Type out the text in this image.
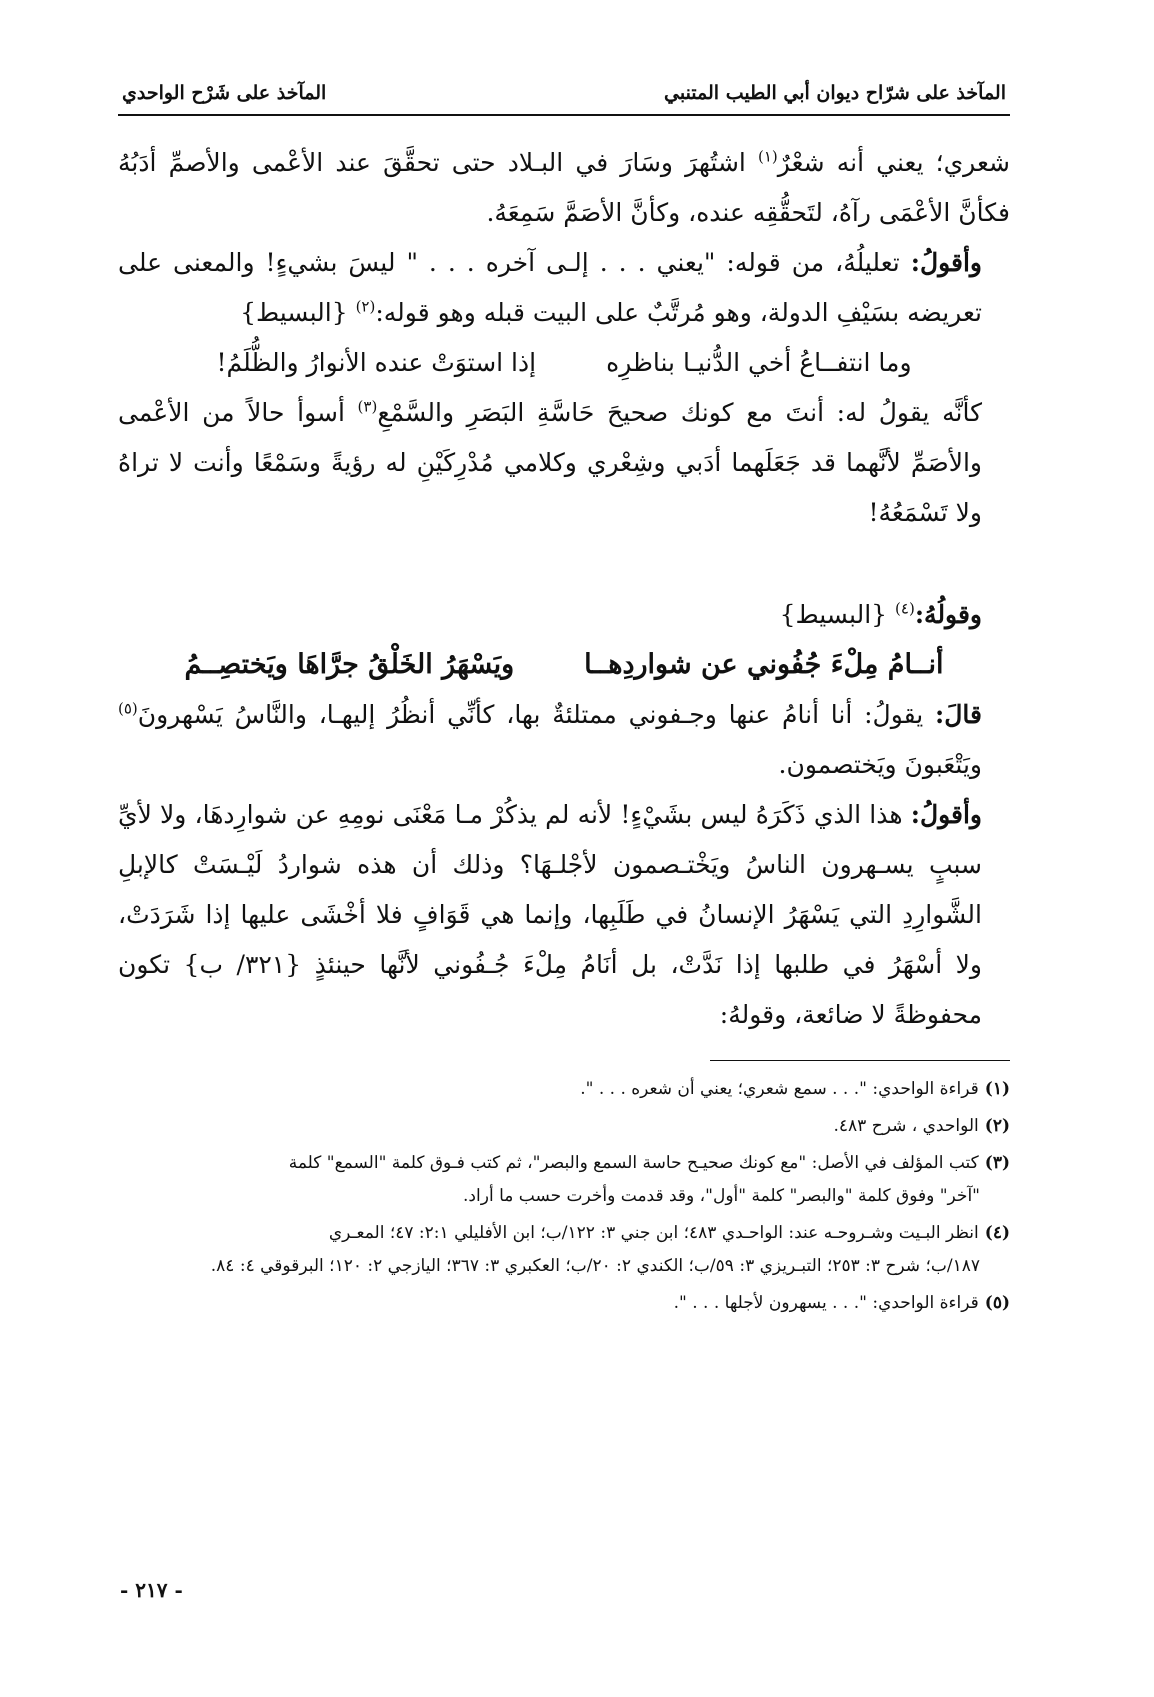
المآخذ على شرّاح ديوان أبي الطيب المتنبي
المآخذ على شَرْح الواحدي

شعري؛ يعني أنه شعْرٌ$^{(١)}$ اشتُهرَ وسَارَ في البـلاد حتى تحقَّقَ عند الأعْمى والأصمِّ أدَبُهُ فكأنَّ الأعْمَى رآهُ، لتَحقُّقِه عنده، وكأنَّ الأصَمَّ سَمِعَهُ.

وأقولُ: تعليلُهُ، من قوله: "يعني . . . إلـى آخره . . . " ليسَ بشيءٍ! والمعنى على تعريضه بسَيْفِ الدولة، وهو مُرتَّبٌ على البيت قبله وهو قوله:$^{(٢)}$ {البسيط}

وما انتفــاعُ أخي الدُّنيـا بناظرِه
إذا استوَتْ عنده الأنوارُ والظُّلَمُ!

كأنَّه يقولُ له: أنتَ مع كونك صحيحَ حَاسَّةِ البَصَرِ والسَّمْعِ$^{(٣)}$ أسوأ حالاً من الأعْمى والأصَمِّ لأنَّهما قد جَعَلَهما أدَبي وشِعْري وكلامي مُدْرِكَيْنِ له رؤيةً وسَمْعًا وأنت لا تراهُ ولا تَسْمَعُهُ!

وقولُهُ:$^{(٤)}$ {البسيط}

أنــامُ مِلْءَ جُفُوني عن شواردِهــا
ويَسْهَرُ الخَلْقُ جرَّاهَا ويَختصِــمُ

قالَ: يقولُ: أنا أنامُ عنها وجـفوني ممتلئةٌ بها، كأنِّي أنظُرُ إليهـا، والنَّاسُ يَسْهرونَ$^{(٥)}$ ويَتْعَبونَ ويَختصمون.

وأقولُ: هذا الذي ذَكَرَهُ ليس بشَيْءٍ! لأنه لم يذكُرْ مـا مَعْنَى نومِهِ عن شوارِدهَا، ولا لأيِّ سببٍ يسـهرون الناسُ ويَخْتـصمون لأجْلـهَا؟ وذلك أن هذه شواردُ لَيْـسَتْ كالإبلِ الشَّوارِدِ التي يَسْهَرُ الإنسانُ في طَلَبِها، وإنما هي قَوَافٍ فلا أخْشَى عليها إذا شَرَدَتْ، ولا أسْهَرُ في طلبها إذا نَدَّتْ، بل أنَامُ مِلْءَ جُـفُوني لأنَّها حينئذٍ {٣٢١/ ب} تكون محفوظةً لا ضائعة، وقولهُ:

(١)قراءة الواحدي: ". . . سمع شعري؛ يعني أن شعره . . . ".

(٢)الواحدي ، شرح ٤٨٣.

(٣)كتب المؤلف في الأصل: "مع كونك صحيـح حاسة السمع والبصر"، ثم كتب فـوق كلمة "السمع" كلمة
"آخر" وفوق كلمة "والبصر" كلمة "أول"، وقد قدمت وأخرت حسب ما أراد.

(٤)انظر البـيت وشـروحـه عند: الواحـدي ٤٨٣؛ ابن جني ٣: ١٢٢/ب؛ ابن الأفليلي ٢:١: ٤٧؛ المعـري
١٨٧/ب؛ شرح ٣: ٢٥٣؛ التبـريزي ٣: ٥٩/ب؛ الكندي ٢: ٢٠/ب؛ العكبري ٣: ٣٦٧؛ اليازجي ٢: ١٢٠؛ البرقوقي ٤: ٨٤.

(٥)قراءة الواحدي: ". . . يسهرون لأجلها . . . ".

- ٢١٧ -
